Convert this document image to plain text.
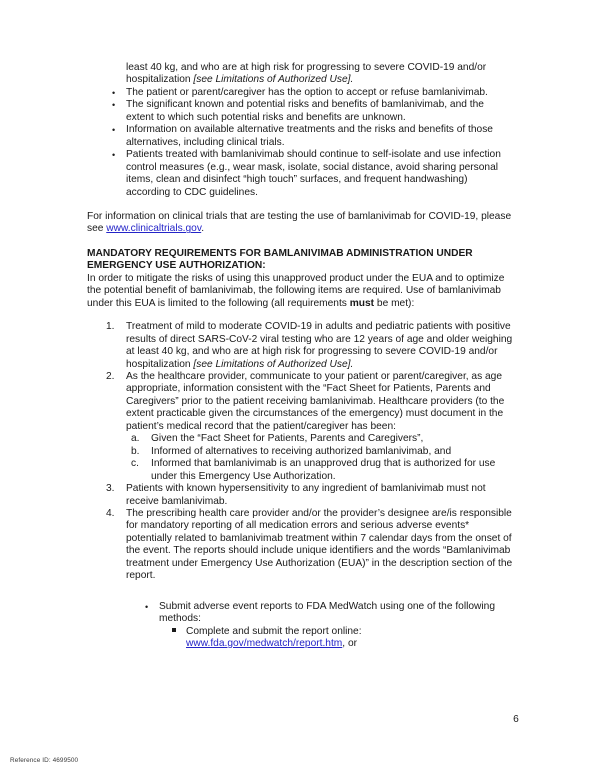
least 40 kg, and who are at high risk for progressing to severe COVID-19 and/or hospitalization [see Limitations of Authorized Use].

•	The patient or parent/caregiver has the option to accept or refuse bamlanivimab.
•	The significant known and potential risks and benefits of bamlanivimab, and the extent to which such potential risks and benefits are unknown.
•	Information on available alternative treatments and the risks and benefits of those alternatives, including clinical trials.
•	Patients treated with bamlanivimab should continue to self-isolate and use infection control measures (e.g., wear mask, isolate, social distance, avoid sharing personal items, clean and disinfect “high touch” surfaces, and frequent handwashing) according to CDC guidelines.

For information on clinical trials that are testing the use of bamlanivimab for COVID-19, please see www.clinicaltrials.gov.

MANDATORY REQUIREMENTS FOR BAMLANIVIMAB ADMINISTRATION UNDER
EMERGENCY USE AUTHORIZATION:

In order to mitigate the risks of using this unapproved product under the EUA and to optimize the potential benefit of bamlanivimab, the following items are required. Use of bamlanivimab under this EUA is limited to the following (all requirements must be met):

1.	Treatment of mild to moderate COVID-19 in adults and pediatric patients with positive results of direct SARS-CoV-2 viral testing who are 12 years of age and older weighing at least 40 kg, and who are at high risk for progressing to severe COVID-19 and/or hospitalization [see Limitations of Authorized Use].
2.	As the healthcare provider, communicate to your patient or parent/caregiver, as age appropriate, information consistent with the “Fact Sheet for Patients, Parents and Caregivers” prior to the patient receiving bamlanivimab. Healthcare providers (to the extent practicable given the circumstances of the emergency) must document in the patient’s medical record that the patient/caregiver has been:
a.	Given the “Fact Sheet for Patients, Parents and Caregivers”,
b.	Informed of alternatives to receiving authorized bamlanivimab, and
c.	Informed that bamlanivimab is an unapproved drug that is authorized for use under this Emergency Use Authorization.
3.	Patients with known hypersensitivity to any ingredient of bamlanivimab must not receive bamlanivimab.
4.	The prescribing health care provider and/or the provider’s designee are/is responsible for mandatory reporting of all medication errors and serious adverse events* potentially related to bamlanivimab treatment within 7 calendar days from the onset of the event. The reports should include unique identifiers and the words “Bamlanivimab treatment under Emergency Use Authorization (EUA)” in the description section of the report.
•	Submit adverse event reports to FDA MedWatch using one of the following methods:
Complete and submit the report online:
www.fda.gov/medwatch/report.htm, or
6
Reference ID: 4699500
